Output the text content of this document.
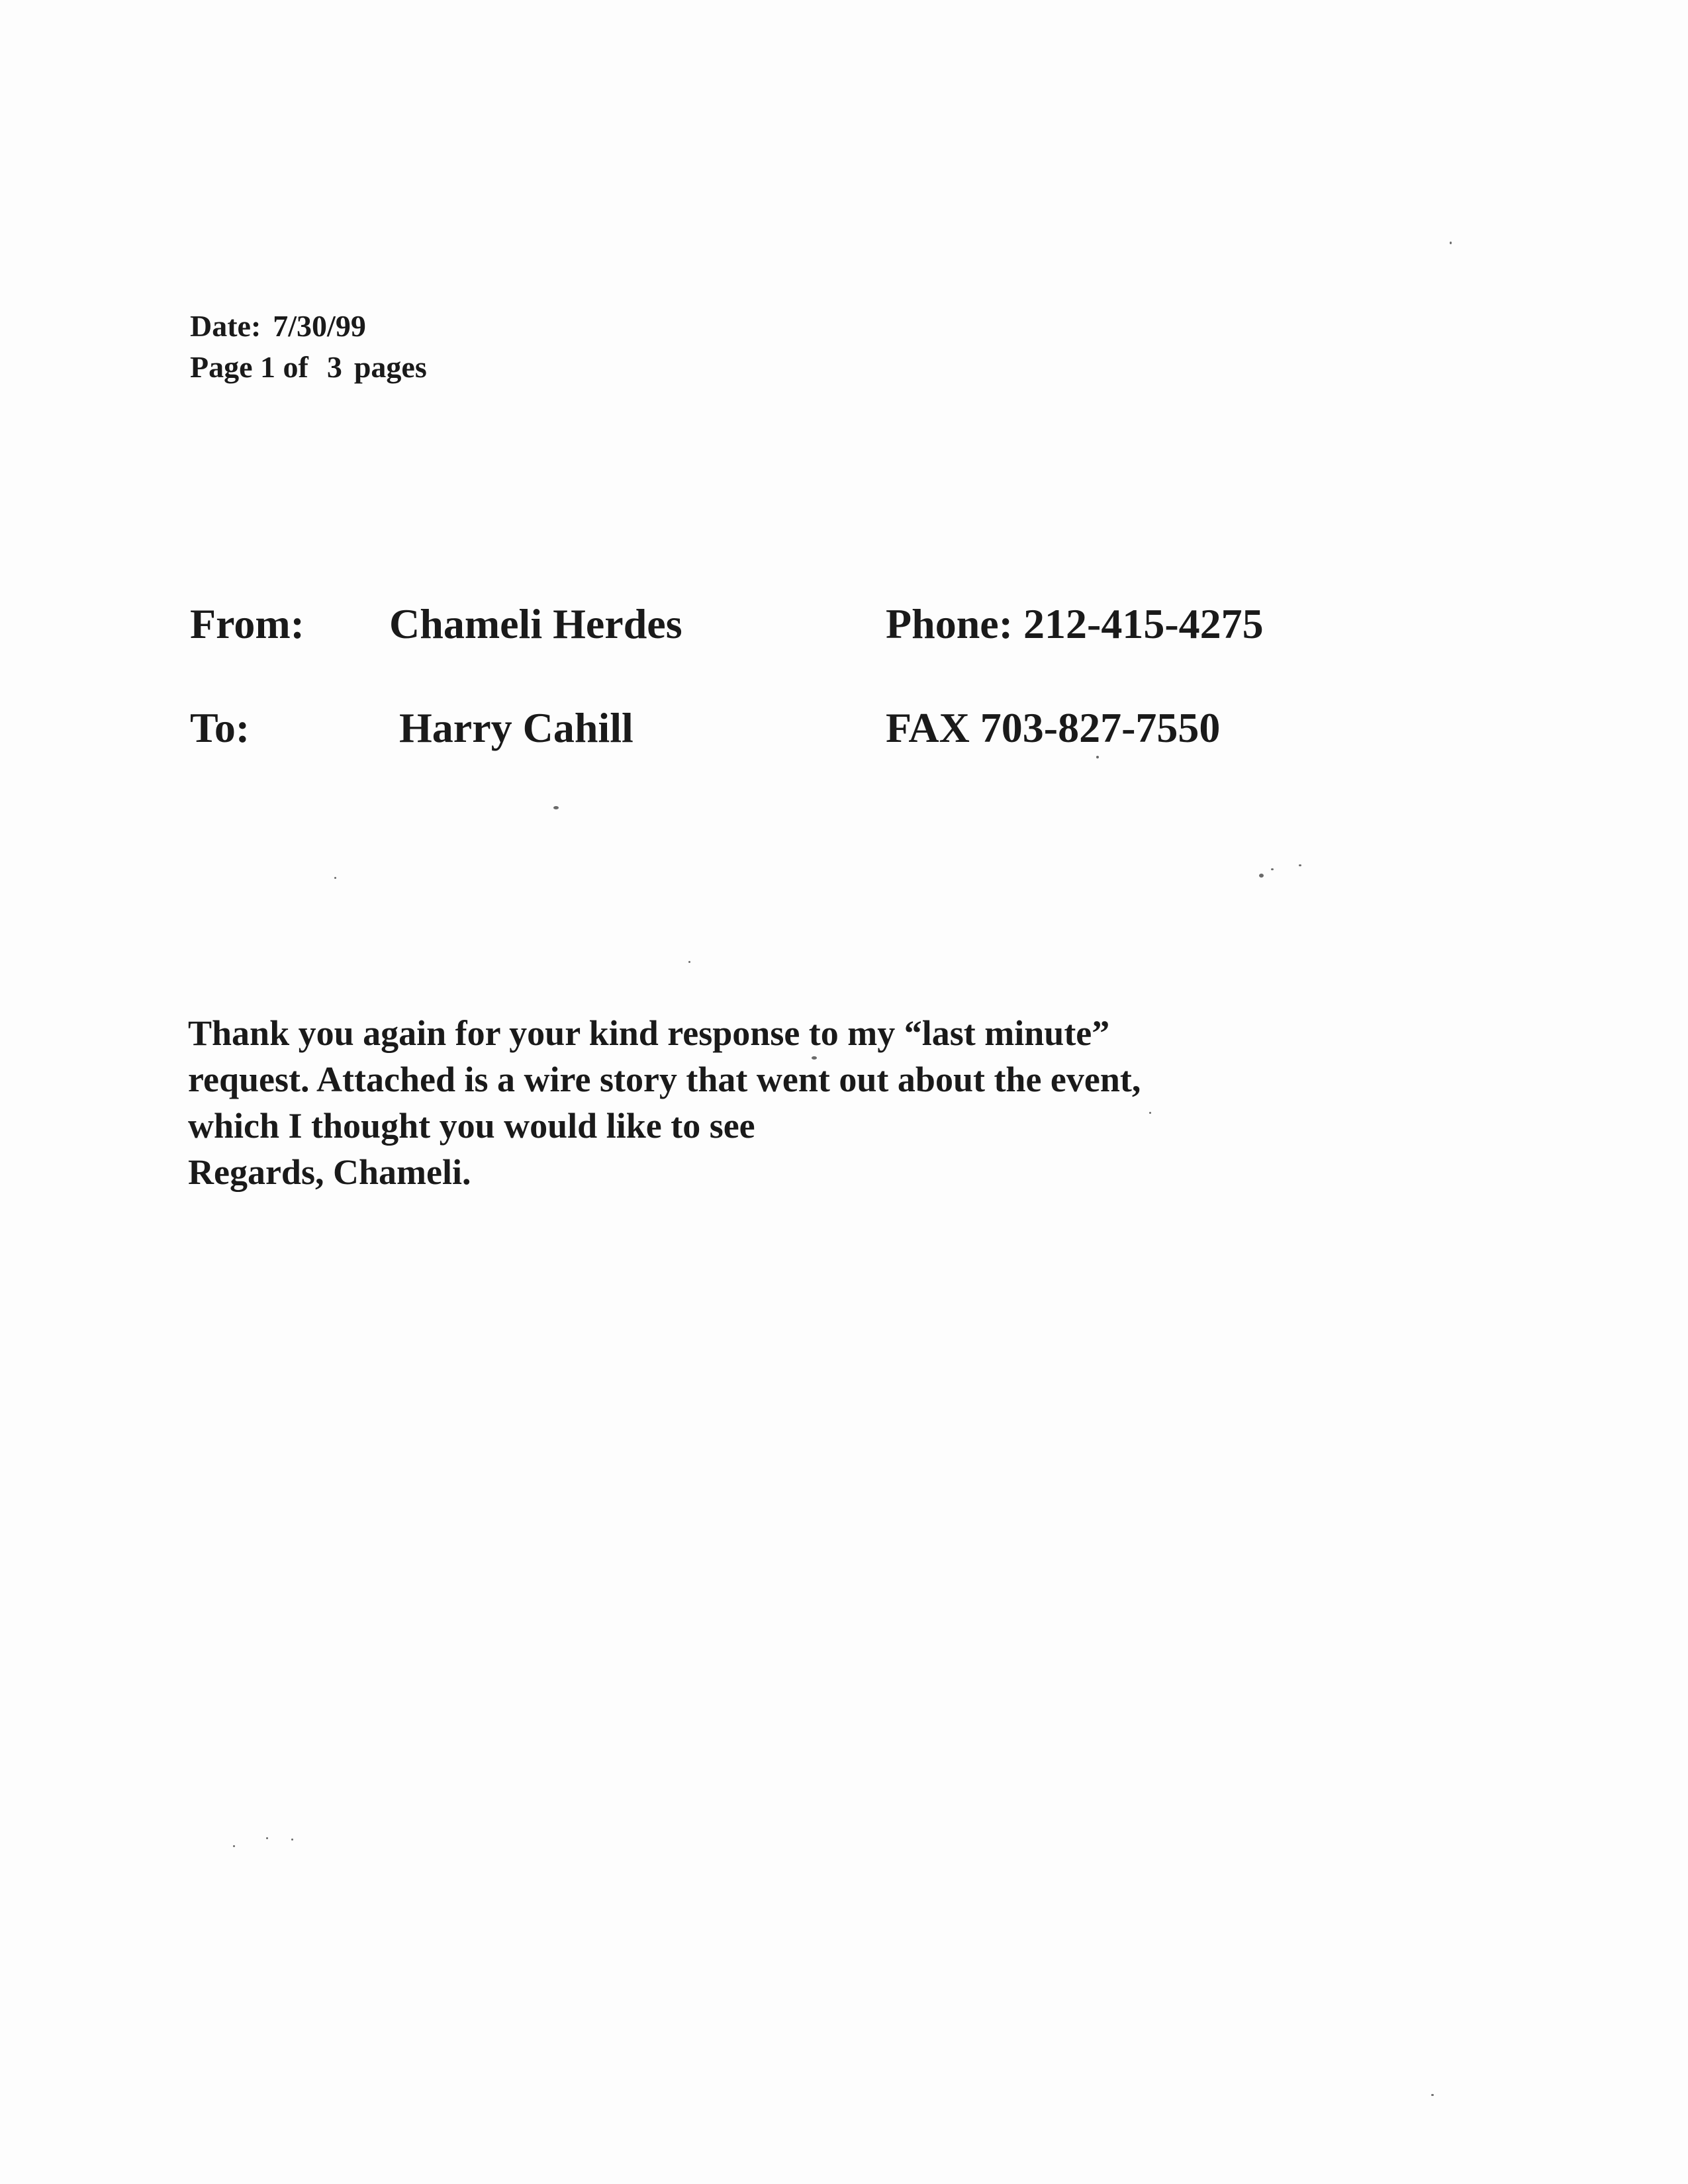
Date: 7/30/99
Page 1 of 3 pages
From: Chameli Herdes	Phone: 212-415-4275
To:	Harry Cahill	FAX 703-827-7550
Thank you again for your kind response to my “last minute”
request. Attached is a wire story that went out about the event,
which I thought you would like to see
Regards, Chameli.
